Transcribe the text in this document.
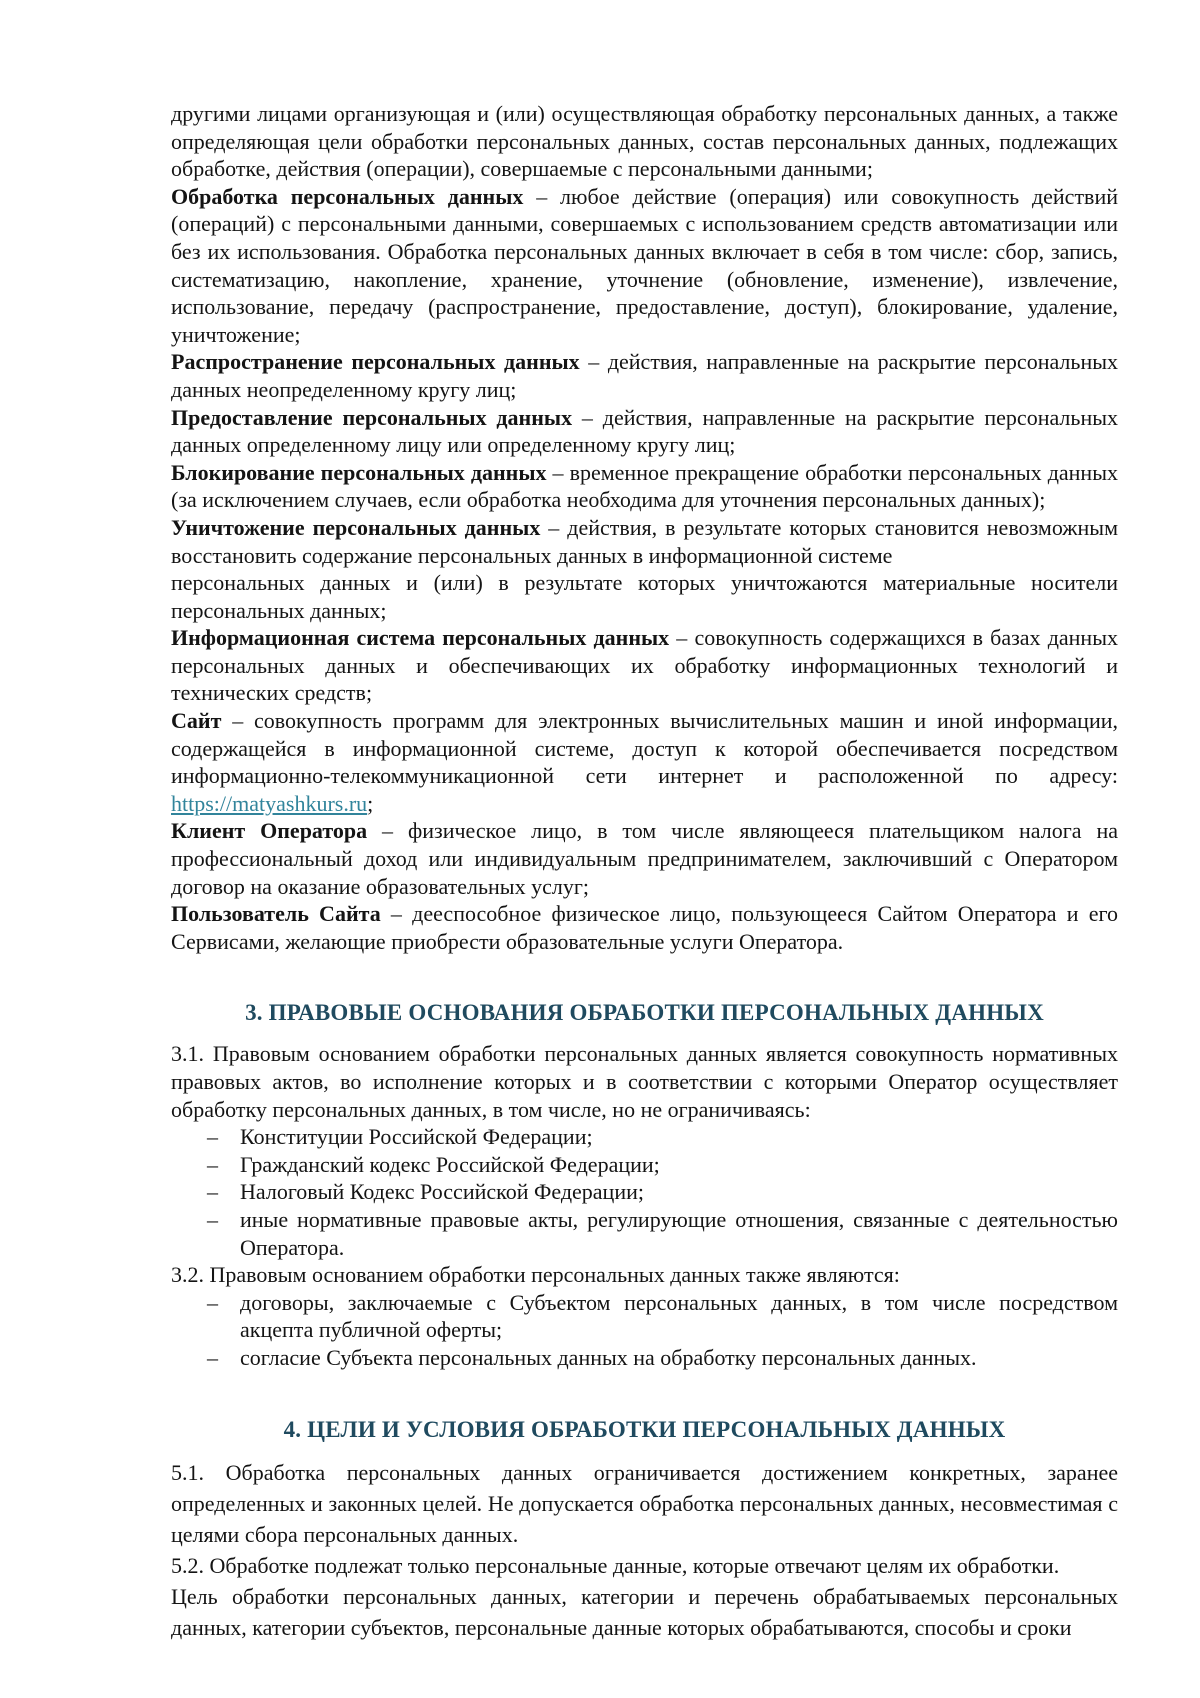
другими лицами организующая и (или) осуществляющая обработку персональных данных, а также определяющая цели обработки персональных данных, состав персональных данных, подлежащих обработке, действия (операции), совершаемые с персональными данными;

Обработка персональных данных – любое действие (операция) или совокупность действий (операций) с персональными данными, совершаемых с использованием средств автоматизации или без их использования. Обработка персональных данных включает в себя в том числе: сбор, запись, систематизацию, накопление, хранение, уточнение (обновление, изменение), извлечение, использование, передачу (распространение, предоставление, доступ), блокирование, удаление, уничтожение;

Распространение персональных данных – действия, направленные на раскрытие персональных данных неопределенному кругу лиц;

Предоставление персональных данных – действия, направленные на раскрытие персональных данных определенному лицу или определенному кругу лиц;

Блокирование персональных данных – временное прекращение обработки персональных данных (за исключением случаев, если обработка необходима для уточнения персональных данных);

Уничтожение персональных данных – действия, в результате которых становится невозможным восстановить содержание персональных данных в информационной системе

персональных данных и (или) в результате которых уничтожаются материальные носители персональных данных;

Информационная система персональных данных – совокупность содержащихся в базах данных персональных данных и обеспечивающих их обработку информационных технологий и технических средств;

Сайт – совокупность программ для электронных вычислительных машин и иной информации, содержащейся в информационной системе, доступ к которой обеспечивается посредством информационно-телекоммуникационной сети интернет и расположенной по адресу: https://matyashkurs.ru;

Клиент Оператора – физическое лицо, в том числе являющееся плательщиком налога на профессиональный доход или индивидуальным предпринимателем, заключивший с Оператором договор на оказание образовательных услуг;

Пользователь Сайта – дееспособное физическое лицо, пользующееся Сайтом Оператора и его Сервисами, желающие приобрести образовательные услуги Оператора.

3. ПРАВОВЫЕ ОСНОВАНИЯ ОБРАБОТКИ ПЕРСОНАЛЬНЫХ ДАННЫХ

3.1. Правовым основанием обработки персональных данных является совокупность нормативных правовых актов, во исполнение которых и в соответствии с которыми Оператор осуществляет обработку персональных данных, в том числе, но не ограничиваясь:

– Конституции Российской Федерации;
– Гражданский кодекс Российской Федерации;
– Налоговый Кодекс Российской Федерации;
– иные нормативные правовые акты, регулирующие отношения, связанные с деятельностью Оператора.

3.2. Правовым основанием обработки персональных данных также являются:

– договоры, заключаемые с Субъектом персональных данных, в том числе посредством акцепта публичной оферты;
– согласие Субъекта персональных данных на обработку персональных данных.
4. ЦЕЛИ И УСЛОВИЯ ОБРАБОТКИ ПЕРСОНАЛЬНЫХ ДАННЫХ

5.1. Обработка персональных данных ограничивается достижением конкретных, заранее определенных и законных целей. Не допускается обработка персональных данных, несовместимая с целями сбора персональных данных.

5.2. Обработке подлежат только персональные данные, которые отвечают целям их обработки.

Цель обработки персональных данных, категории и перечень обрабатываемых персональных данных, категории субъектов, персональные данные которых обрабатываются, способы и сроки
